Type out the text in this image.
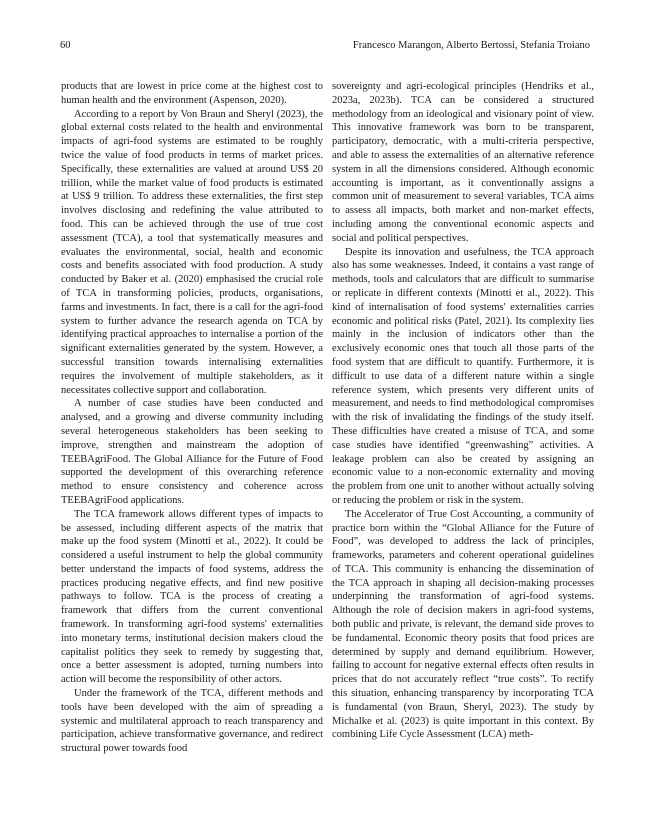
60	Francesco Marangon, Alberto Bertossi, Stefania Troiano

products that are lowest in price come at the highest cost to human health and the environment (Aspenson, 2020).

According to a report by Von Braun and Sheryl (2023), the global external costs related to the health and environmental impacts of agri-food systems are estimated to be roughly twice the value of food products in terms of market prices. Specifically, these externalities are valued at around US$ 20 trillion, while the market value of food products is estimated at US$ 9 trillion. To address these externalities, the first step involves disclosing and redefining the value attributed to food. This can be achieved through the use of true cost assessment (TCA), a tool that systematically measures and evaluates the environmental, social, health and economic costs and benefits associated with food production. A study conducted by Baker et al. (2020) emphasised the crucial role of TCA in transforming policies, products, organisations, farms and investments. In fact, there is a call for the agri-food system to further advance the research agenda on TCA by identifying practical approaches to internalise a portion of the significant externalities generated by the system. However, a successful transition towards internalising externalities requires the involvement of multiple stakeholders, as it necessitates collective support and collaboration.

A number of case studies have been conducted and analysed, and a growing and diverse community including several heterogeneous stakeholders has been seeking to improve, strengthen and mainstream the adoption of TEEBAgriFood. The Global Alliance for the Future of Food supported the development of this overarching reference method to ensure consistency and coherence across TEEBAgriFood applications.

The TCA framework allows different types of impacts to be assessed, including different aspects of the matrix that make up the food system (Minotti et al., 2022). It could be considered a useful instrument to help the global community better understand the impacts of food systems, address the practices producing negative effects, and find new positive pathways to follow. TCA is the process of creating a framework that differs from the current conventional framework. In transforming agri-food systems' externalities into monetary terms, institutional decision makers cloud the capitalist politics they seek to remedy by suggesting that, once a better assessment is adopted, turning numbers into action will become the responsibility of other actors.

Under the framework of the TCA, different methods and tools have been developed with the aim of spreading a systemic and multilateral approach to reach transparency and participation, achieve transformative governance, and redirect structural power towards food

sovereignty and agri-ecological principles (Hendriks et al., 2023a, 2023b). TCA can be considered a structured methodology from an ideological and visionary point of view. This innovative framework was born to be transparent, participatory, democratic, with a multi-criteria perspective, and able to assess the externalities of an alternative reference system in all the dimensions considered. Although economic accounting is important, as it conventionally assigns a common unit of measurement to several variables, TCA aims to assess all impacts, both market and non-market effects, including among the conventional economic aspects and social and political perspectives.

Despite its innovation and usefulness, the TCA approach also has some weaknesses. Indeed, it contains a vast range of methods, tools and calculators that are difficult to summarise or replicate in different contexts (Minotti et al., 2022). This kind of internalisation of food systems' externalities carries economic and political risks (Patel, 2021). Its complexity lies mainly in the inclusion of indicators other than the exclusively economic ones that touch all those parts of the food system that are difficult to quantify. Furthermore, it is difficult to use data of a different nature within a single reference system, which presents very different units of measurement, and needs to find methodological compromises with the risk of invalidating the findings of the study itself. These difficulties have created a misuse of TCA, and some case studies have identified “greenwashing” activities. A leakage problem can also be created by assigning an economic value to a non-economic externality and moving the problem from one unit to another without actually solving or reducing the problem or risk in the system.

The Accelerator of True Cost Accounting, a community of practice born within the “Global Alliance for the Future of Food”, was developed to address the lack of principles, frameworks, parameters and coherent operational guidelines of TCA. This community is enhancing the dissemination of the TCA approach in shaping all decision-making processes underpinning the transformation of agri-food systems. Although the role of decision makers in agri-food systems, both public and private, is relevant, the demand side proves to be fundamental. Economic theory posits that food prices are determined by supply and demand equilibrium. However, failing to account for negative external effects often results in prices that do not accurately reflect “true costs”. To rectify this situation, enhancing transparency by incorporating TCA is fundamental (von Braun, Sheryl, 2023). The study by Michalke et al. (2023) is quite important in this context. By combining Life Cycle Assessment (LCA) meth-
